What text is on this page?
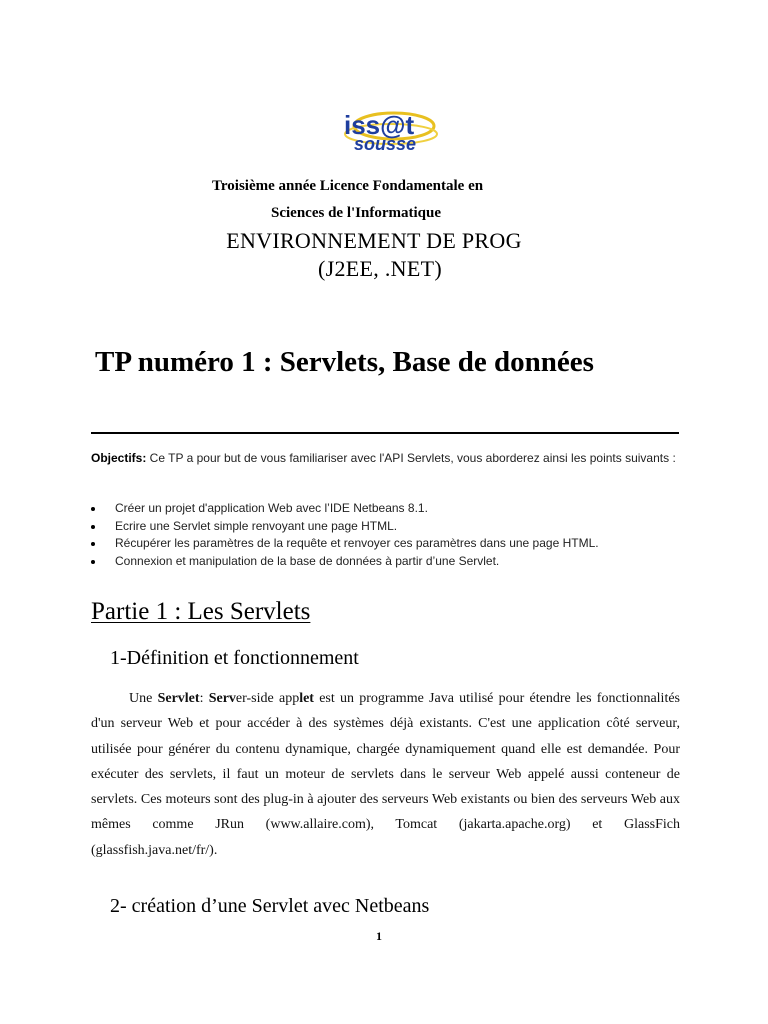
iss@t
sousse
Troisième année Licence Fondamentale en
Sciences de l'Informatique
ENVIRONNEMENT DE PROG
(J2EE, .NET)
TP numéro 1 : Servlets, Base de données
Objectifs: Ce TP a pour but de vous familiariser avec l'API Servlets, vous aborderez ainsi les points suivants :
Créer un projet d'application Web avec l’IDE Netbeans 8.1.
Ecrire une Servlet simple renvoyant une page HTML.
Récupérer les paramètres de la requête et renvoyer ces paramètres dans une page HTML.
Connexion et manipulation de la base de données à partir d’une Servlet.
Partie 1 : Les Servlets
1-Définition et fonctionnement

Une Servlet: Server-side applet est un programme Java utilisé pour étendre les fonctionnalités d'un serveur Web et pour accéder à des systèmes déjà existants. C'est une application côté serveur, utilisée pour générer du contenu dynamique, chargée dynamiquement quand elle est demandée. Pour exécuter des servlets, il faut un moteur de servlets dans le serveur Web appelé aussi conteneur de servlets. Ces moteurs sont des plug-in à ajouter des serveurs Web existants ou bien des serveurs Web aux mêmes comme JRun (www.allaire.com), Tomcat (jakarta.apache.org) et GlassFich (glassfish.java.net/fr/).

2- création d’une Servlet avec Netbeans
1
